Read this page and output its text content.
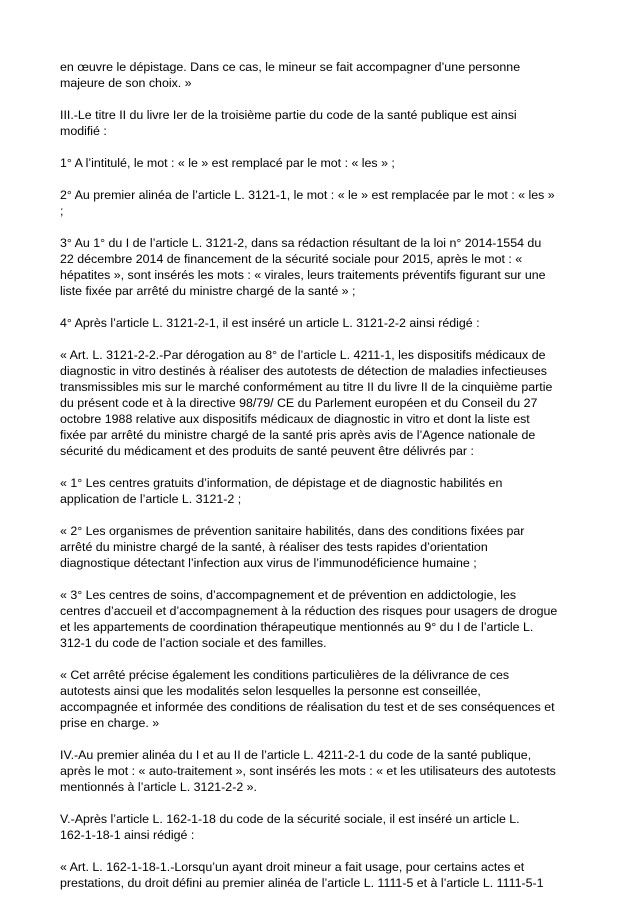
en œuvre le dépistage. Dans ce cas, le mineur se fait accompagner d’une personne
majeure de son choix. »
III.-Le titre II du livre Ier de la troisième partie du code de la santé publique est ainsi
modifié :
1° A l’intitulé, le mot : « le » est remplacé par le mot : « les » ;
2° Au premier alinéa de l’article L. 3121-1, le mot : « le » est remplacée par le mot : « les »
;
3° Au 1° du I de l’article L. 3121-2, dans sa rédaction résultant de la loi n° 2014-1554 du
22 décembre 2014 de financement de la sécurité sociale pour 2015, après le mot : «
hépatites », sont insérés les mots : « virales, leurs traitements préventifs figurant sur une
liste fixée par arrêté du ministre chargé de la santé » ;
4° Après l’article L. 3121-2-1, il est inséré un article L. 3121-2-2 ainsi rédigé :
« Art. L. 3121-2-2.-Par dérogation au 8° de l’article L. 4211-1, les dispositifs médicaux de
diagnostic in vitro destinés à réaliser des autotests de détection de maladies infectieuses
transmissibles mis sur le marché conformément au titre II du livre II de la cinquième partie
du présent code et à la directive 98/79/ CE du Parlement européen et du Conseil du 27
octobre 1988 relative aux dispositifs médicaux de diagnostic in vitro et dont la liste est
fixée par arrêté du ministre chargé de la santé pris après avis de l’Agence nationale de
sécurité du médicament et des produits de santé peuvent être délivrés par :
« 1° Les centres gratuits d’information, de dépistage et de diagnostic habilités en
application de l’article L. 3121-2 ;
« 2° Les organismes de prévention sanitaire habilités, dans des conditions fixées par
arrêté du ministre chargé de la santé, à réaliser des tests rapides d’orientation
diagnostique détectant l’infection aux virus de l’immunodéficience humaine ;
« 3° Les centres de soins, d’accompagnement et de prévention en addictologie, les
centres d’accueil et d’accompagnement à la réduction des risques pour usagers de drogue
et les appartements de coordination thérapeutique mentionnés au 9° du I de l’article L.
312-1 du code de l’action sociale et des familles.
« Cet arrêté précise également les conditions particulières de la délivrance de ces
autotests ainsi que les modalités selon lesquelles la personne est conseillée,
accompagnée et informée des conditions de réalisation du test et de ses conséquences et
prise en charge. »
IV.-Au premier alinéa du I et au II de l’article L. 4211-2-1 du code de la santé publique,
après le mot : « auto-traitement », sont insérés les mots : « et les utilisateurs des autotests
mentionnés à l’article L. 3121-2-2 ».
V.-Après l’article L. 162-1-18 du code de la sécurité sociale, il est inséré un article L.
162-1-18-1 ainsi rédigé :
« Art. L. 162-1-18-1.-Lorsqu’un ayant droit mineur a fait usage, pour certains actes et
prestations, du droit défini au premier alinéa de l’article L. 1111-5 et à l’article L. 1111-5-1
